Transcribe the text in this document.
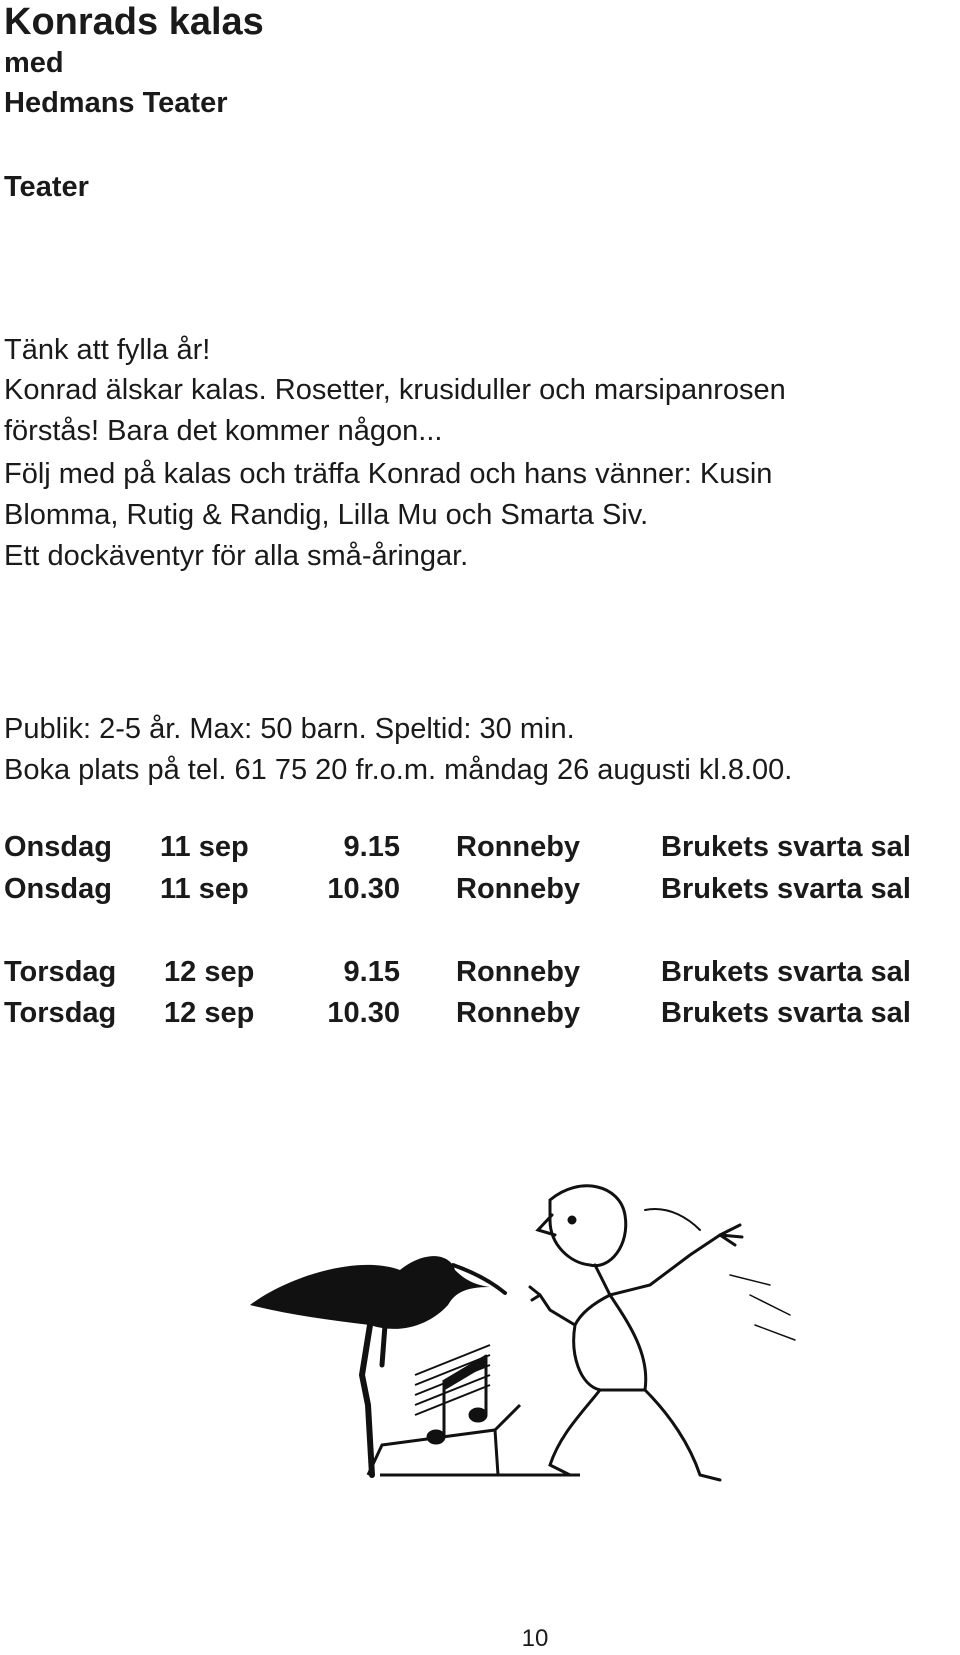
Konrads kalas
med
Hedmans Teater
Teater
Tänk att fylla år!
Konrad älskar kalas. Rosetter, krusiduller och marsipanrosen
förstås! Bara det kommer någon...
Följ med på kalas och träffa Konrad och hans vänner: Kusin
Blomma, Rutig & Randig, Lilla Mu och Smarta Siv.
Ett dockäventyr för alla små-åringar.
Publik: 2-5 år. Max: 50 barn. Speltid: 30 min.
Boka plats på tel. 61 75 20 fr.o.m. måndag 26 augusti kl.8.00.
Onsdag 11 sep	9.15 Ronneby	Brukets svarta sal
Onsdag 11 sep	10.30 Ronneby	Brukets svarta sal
Torsdag 12 sep	9.15 Ronneby	Brukets svarta sal
Torsdag 12 sep	10.30 Ronneby	Brukets svarta sal
10
